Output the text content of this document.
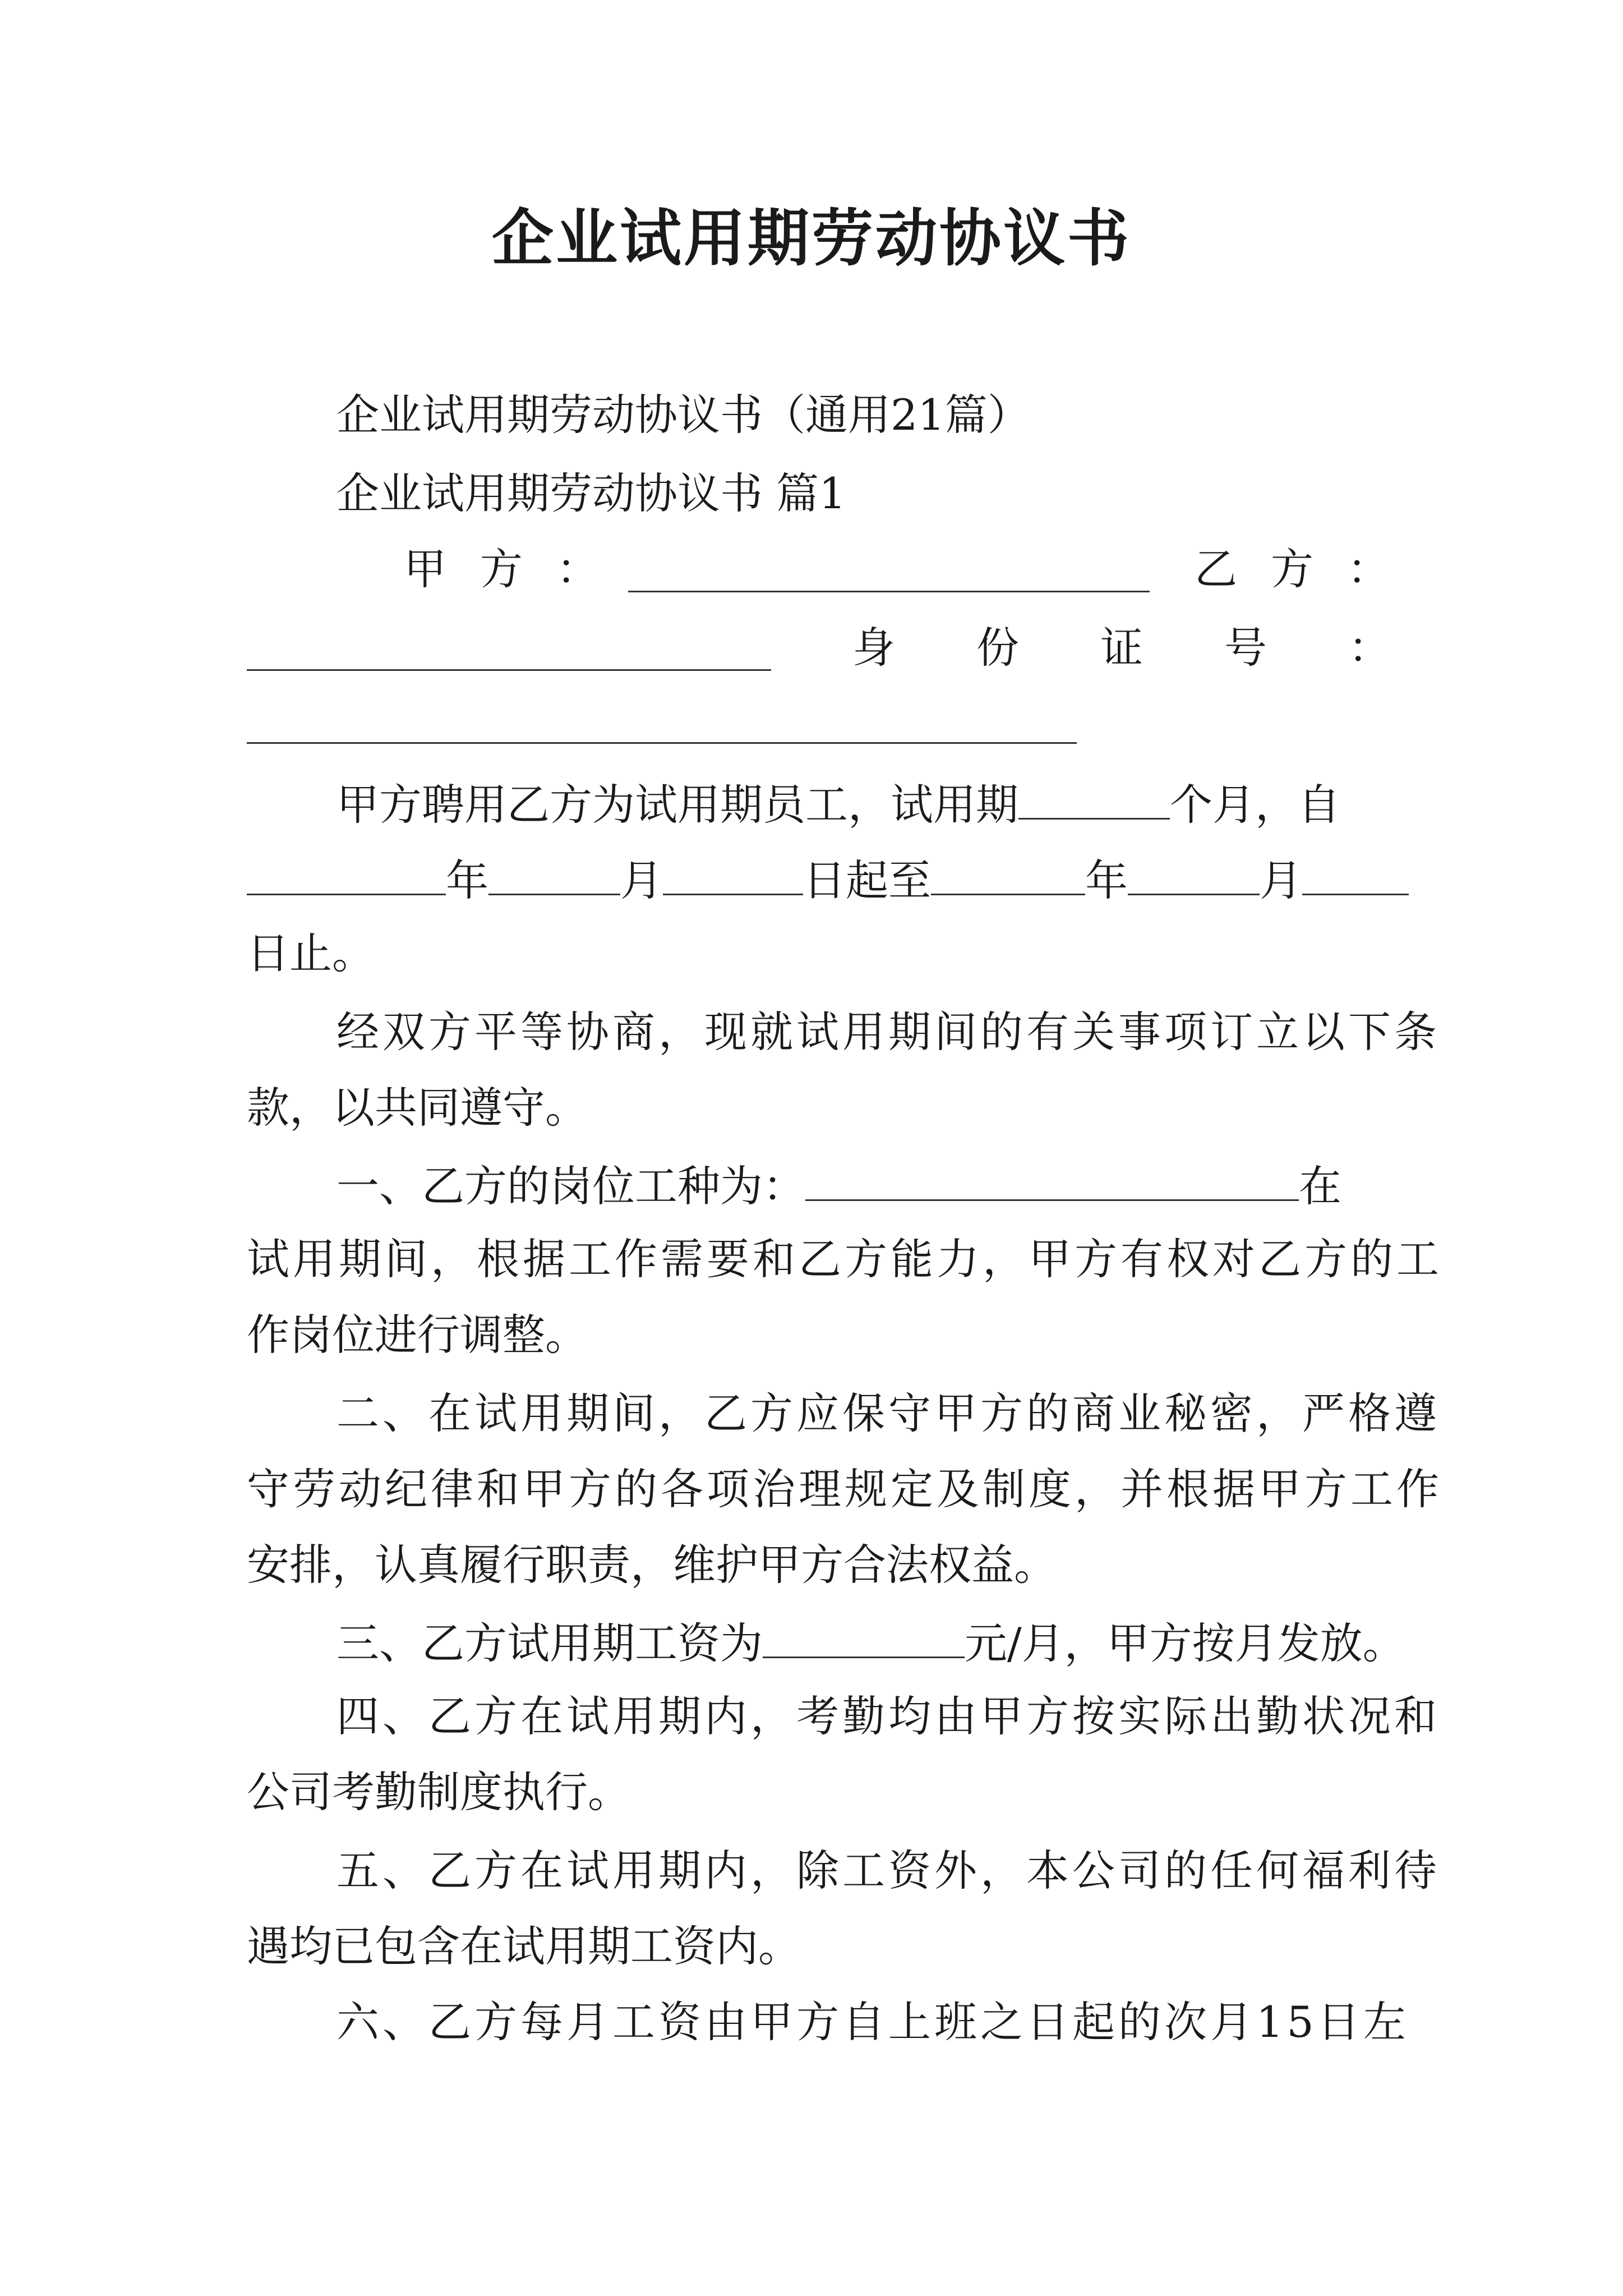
企业试用期劳动协议书
企业试用期劳动协议书（通用21篇）
企业试用期劳动协议书 篇1
甲方：	乙方：
身份证号：
甲方聘用乙方为试用期员工，试用期	个月，自
年	月	日起至	年	月
日止。
经双方平等协商，现就试用期间的有关事项订立以下条
款，以共同遵守。
一、乙方的岗位工种为：	在
试用期间，根据工作需要和乙方能力，甲方有权对乙方的工
作岗位进行调整。
二、在试用期间，乙方应保守甲方的商业秘密，严格遵
守劳动纪律和甲方的各项治理规定及制度，并根据甲方工作
安排，认真履行职责，维护甲方合法权益。
三、乙方试用期工资为	元/月，甲方按月发放。
四、乙方在试用期内，考勤均由甲方按实际出勤状况和
公司考勤制度执行。
五、乙方在试用期内，除工资外，本公司的任何福利待
遇均已包含在试用期工资内。
六、乙方每月工资由甲方自上班之日起的次月15日左
